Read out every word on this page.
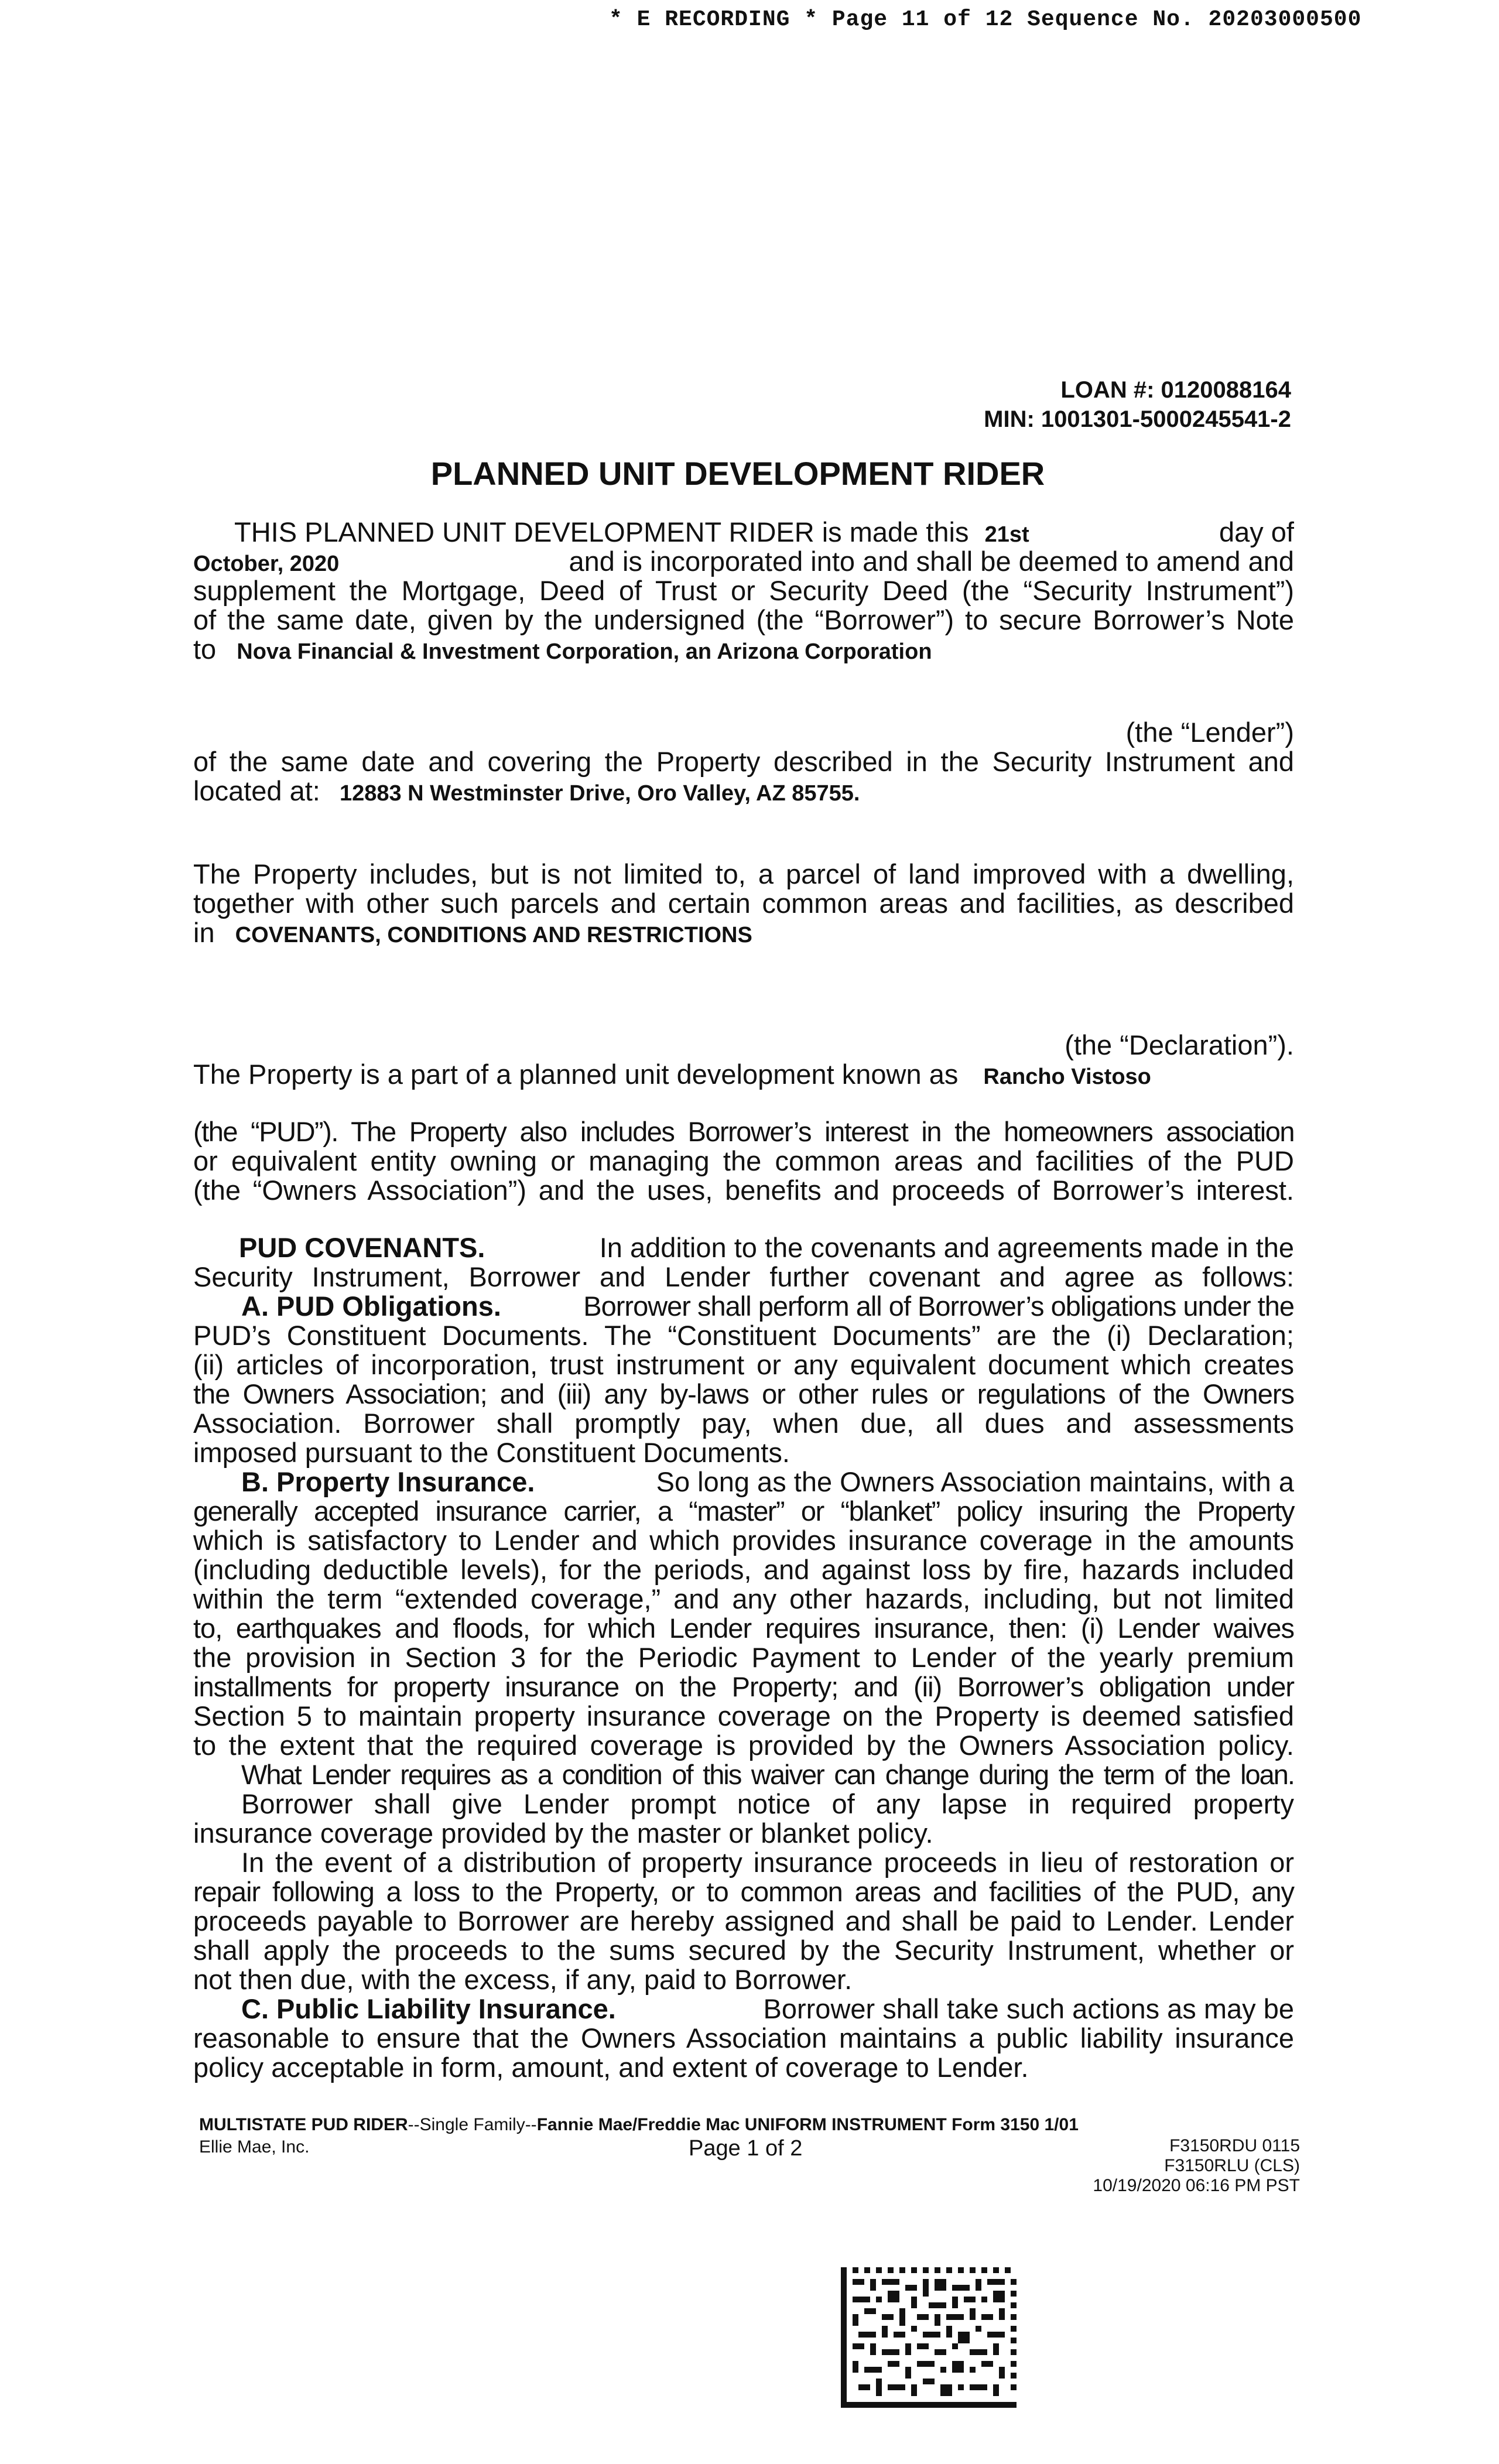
* E RECORDING * Page 11 of 12 Sequence No. 20203000500
LOAN #: 0120088164
MIN: 1001301-5000245541-2
PLANNED UNIT DEVELOPMENT RIDER
THIS PLANNED UNIT DEVELOPMENT RIDER is made this 21st	day of
October, 2020	and is incorporated into and shall be deemed to amend and
supplement the Mortgage, Deed of Trust or Security Deed (the “Security Instrument”)
of the same date, given by the undersigned (the “Borrower”) to secure Borrower’s Note
to Nova Financial & Investment Corporation, an Arizona Corporation
(the “Lender”)
of the same date and covering the Property described in the Security Instrument and
located at: 12883 N Westminster Drive, Oro Valley, AZ 85755.
The Property includes, but is not limited to, a parcel of land improved with a dwelling,
together with other such parcels and certain common areas and facilities, as described
in COVENANTS, CONDITIONS AND RESTRICTIONS
(the “Declaration”).
The Property is a part of a planned unit development known as Rancho Vistoso
(the “PUD”). The Property also includes Borrower’s interest in the homeowners association
or equivalent entity owning or managing the common areas and facilities of the PUD
(the “Owners Association”) and the uses, benefits and proceeds of Borrower’s interest.
PUD COVENANTS.	In addition to the covenants and agreements made in the
Security Instrument, Borrower and Lender further covenant and agree as follows:
A. PUD Obligations.	Borrower shall perform all of Borrower’s obligations under the
PUD’s Constituent Documents. The “Constituent Documents” are the (i) Declaration;
(ii) articles of incorporation, trust instrument or any equivalent document which creates
the Owners Association; and (iii) any by-laws or other rules or regulations of the Owners
Association. Borrower shall promptly pay, when due, all dues and assessments
imposed pursuant to the Constituent Documents.
B. Property Insurance.	So long as the Owners Association maintains, with a
generally accepted insurance carrier, a “master” or “blanket” policy insuring the Property
which is satisfactory to Lender and which provides insurance coverage in the amounts
(including deductible levels), for the periods, and against loss by fire, hazards included
within the term “extended coverage,” and any other hazards, including, but not limited
to, earthquakes and floods, for which Lender requires insurance, then: (i) Lender waives
the provision in Section 3 for the Periodic Payment to Lender of the yearly premium
installments for property insurance on the Property; and (ii) Borrower’s obligation under
Section 5 to maintain property insurance coverage on the Property is deemed satisfied
to the extent that the required coverage is provided by the Owners Association policy.
What Lender requires as a condition of this waiver can change during the term of the loan.
Borrower shall give Lender prompt notice of any lapse in required property
insurance coverage provided by the master or blanket policy.
In the event of a distribution of property insurance proceeds in lieu of restoration or
repair following a loss to the Property, or to common areas and facilities of the PUD, any
proceeds payable to Borrower are hereby assigned and shall be paid to Lender. Lender
shall apply the proceeds to the sums secured by the Security Instrument, whether or
not then due, with the excess, if any, paid to Borrower.
C. Public Liability Insurance.	Borrower shall take such actions as may be
reasonable to ensure that the Owners Association maintains a public liability insurance
policy acceptable in form, amount, and extent of coverage to Lender.
MULTISTATE PUD RIDER--Single Family--Fannie Mae/Freddie Mac UNIFORM INSTRUMENT Form 3150 1/01
Ellie Mae, Inc.	Page 1 of 2	F3150RDU 0115
F3150RLU (CLS)
10/19/2020 06:16 PM PST
